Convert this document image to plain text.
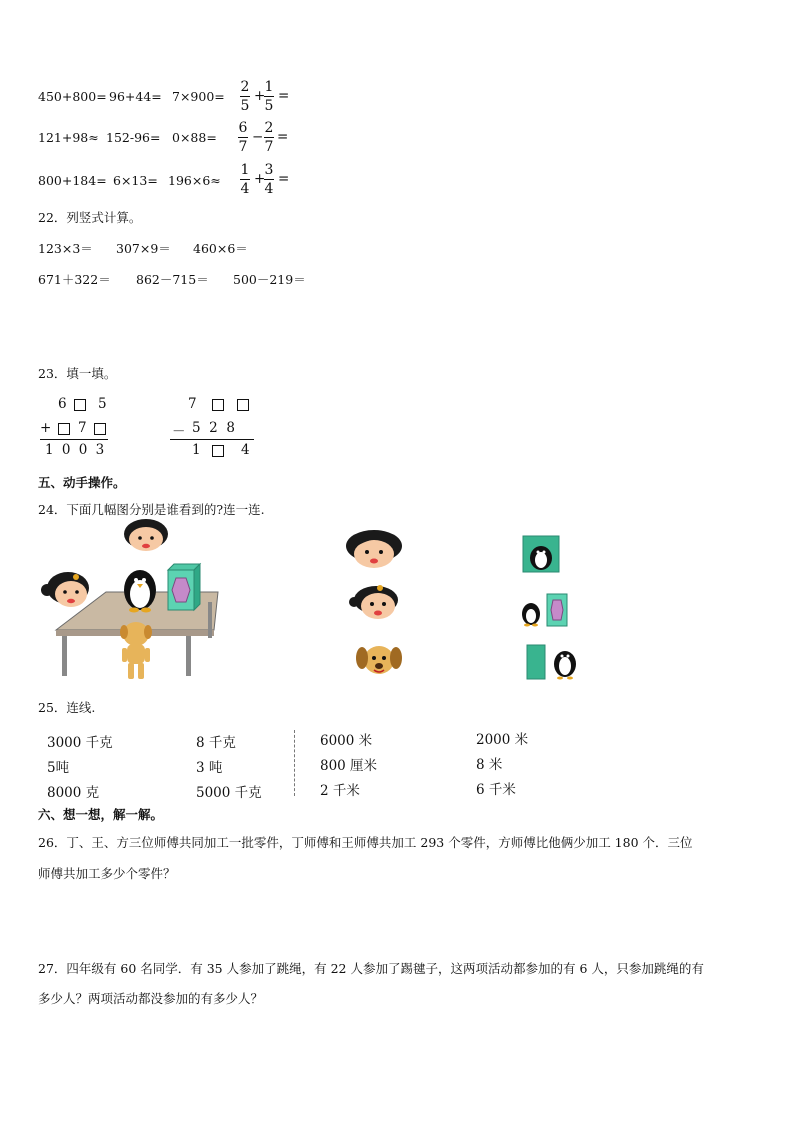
450+800= 96+44= 7×900=
121+98≈ 152-96= 0×88=
800+184= 6×13= 196×6≈
2
5
+
1
5
=
6
7
−
2
7
=
1
4
+
3
4
=
22．列竖式计算。
123×3＝ 307×9＝ 460×6＝
671＋322＝ 862－715＝ 500－219＝
23．填一填。
6 5
+ 7
1 0 0 3
7
－ 5  2  8
1	4
五、动手操作。
24．下面几幅图分别是谁看到的?连一连.
25．连线.
3000 千克
5吨
8000 克
8 千克
3 吨
5000 千克
6000 米
800 厘米
2 千米
2000 米
8 米
6 千米
六、想一想，解一解。
26．丁、王、方三位师傅共同加工一批零件，丁师傅和王师傅共加工 293 个零件，方师傅比他俩少加工 180 个．三位
师傅共加工多少个零件？
27．四年级有 60 名同学．有 35 人参加了跳绳，有 22 人参加了踢毽子，这两项活动都参加的有 6 人，只参加跳绳的有
多少人？两项活动都没参加的有多少人？
